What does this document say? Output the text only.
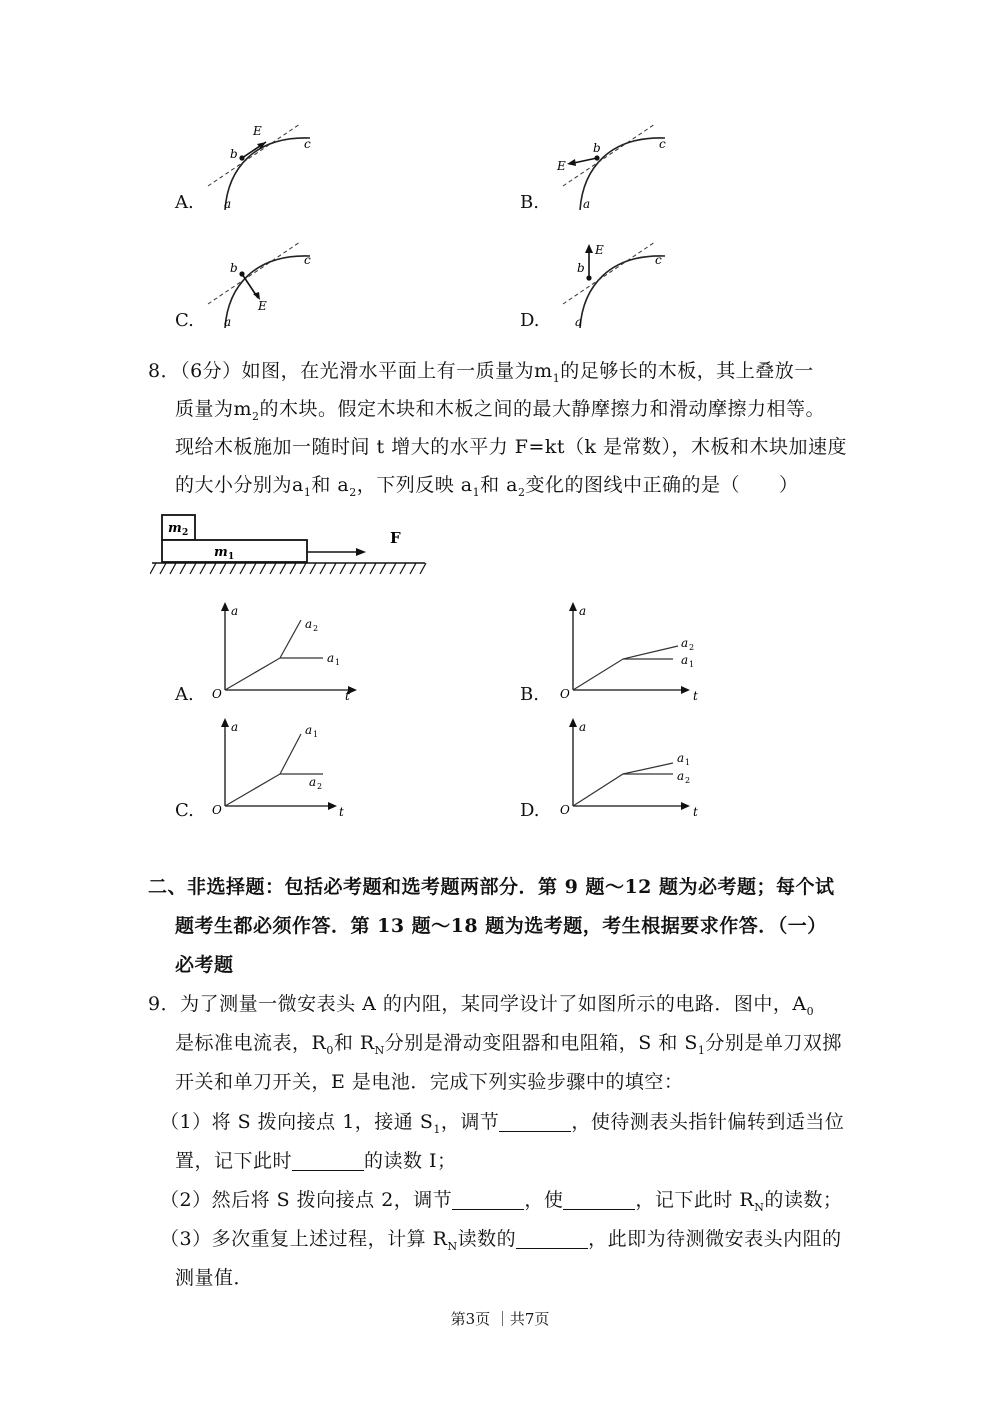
E
b
a
c
A.
E
b
a
c
B.
E
b
a
c
C.
E
b
a
c
D.
8．（6分）如图，在光滑水平面上有一质量为$m_1$的足够长的木板，其上叠放一
质量为$m_2$的木块。假定木块和木板之间的最大静摩擦力和滑动摩擦力相等。
现给木板施加一随时间 t 增大的水平力 F=kt（k 是常数），木板和木块加速度
的大小分别为$a_1$和 $a_2$，下列反映 $a_1$和 $a_2$变化的图线中正确的是（　　）
m 2
m 1
F
a
t
O
a 2
a 1
A.
a
t
O
a 2
a 1
B.
a
t
O
a 1
a 2
C.
a
t
O
a 1
a 2
D.
二、非选择题：包括必考题和选考题两部分．第 9 题～12 题为必考题；每个试
题考生都必须作答．第 13 题～18 题为选考题，考生根据要求作答．（一）
必考题
9．为了测量一微安表头 A 的内阻，某同学设计了如图所示的电路．图中，$A_0$
是标准电流表，$R_0$和 $R_N$分别是滑动变阻器和电阻箱，S 和 $S_1$分别是单刀双掷
开关和单刀开关，E 是电池．完成下列实验步骤中的填空：
（1）将 S 拨向接点 1，接通 $S_1$，调节	，使待测表头指针偏转到适当位
置，记下此时	的读数 I；
（2）然后将 S 拨向接点 2，调节	，使	，记下此时 $R_N$的读数；
（3）多次重复上述过程，计算 $R_N$读数的	，此即为待测微安表头内阻的
测量值．
第3页 ｜共7页
